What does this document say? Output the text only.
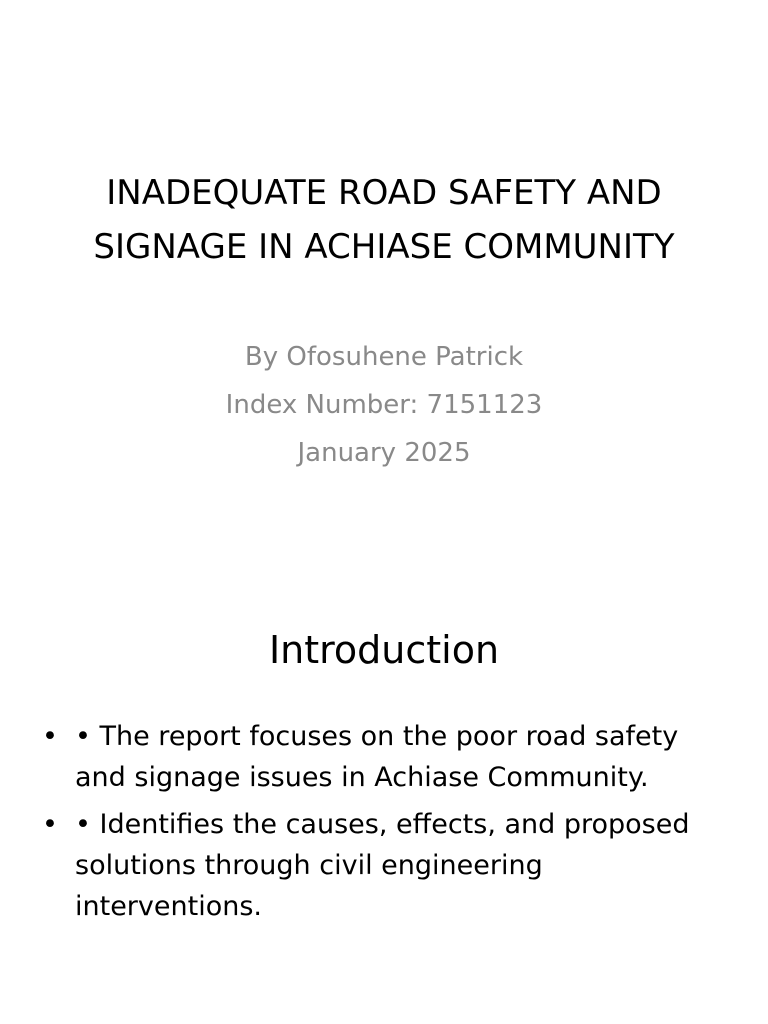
INADEQUATE ROAD SAFETY AND SIGNAGE IN ACHIASE COMMUNITY
By Ofosuhene Patrick
Index Number: 7151123
January 2025
Introduction
• • The report focuses on the poor road safety and signage issues in Achiase Community.
• • Identifies the causes, effects, and proposed solutions through civil engineering interventions.
